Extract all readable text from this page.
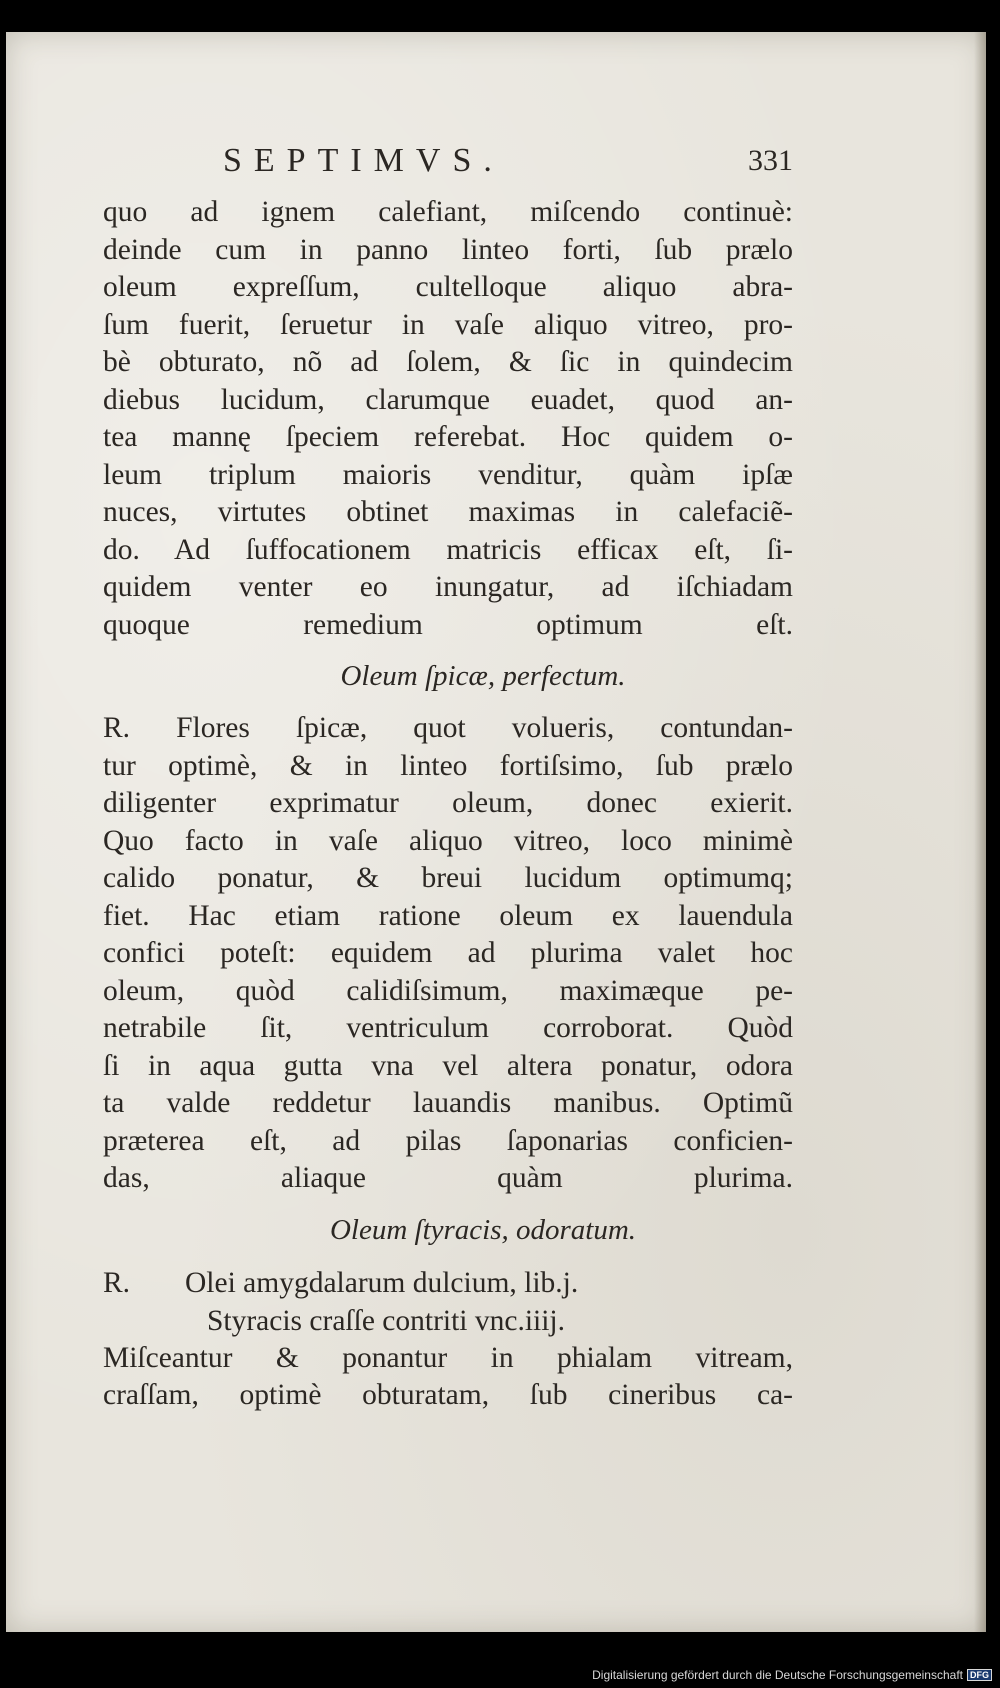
SEPTIMVS.	331
quo ad ignem calefiant, miſcendo continuè:
deinde cum in panno linteo forti, ſub prælo
oleum expreſſum, cultelloque aliquo abra-
ſum fuerit, ſeruetur in vaſe aliquo vitreo, pro-
bè obturato, nõ ad ſolem, & ſic in quindecim
diebus lucidum, clarumque euadet, quod an-
tea mannę ſpeciem referebat. Hoc quidem o-
leum triplum maioris venditur, quàm ipſæ
nuces, virtutes obtinet maximas in calefaciẽ-
do. Ad ſuffocationem matricis efficax eſt, ſi-
quidem venter eo inungatur, ad iſchiadam
quoque remedium optimum eſt.
Oleum ſpicæ, perfectum.
R. Flores ſpicæ, quot volueris, contundan-
tur optimè, & in linteo fortiſsimo, ſub prælo
diligenter exprimatur oleum, donec exierit.
Quo facto in vaſe aliquo vitreo, loco minimè
calido ponatur, & breui lucidum optimumq;
fiet. Hac etiam ratione oleum ex lauendula
confici poteſt: equidem ad plurima valet hoc
oleum, quòd calidiſsimum, maximæque pe-
netrabile ſit, ventriculum corroborat. Quòd
ſi in aqua gutta vna vel altera ponatur, odora
ta valde reddetur lauandis manibus. Optimũ
præterea eſt, ad pilas ſaponarias conficien-
das, aliaque quàm plurima.
Oleum ſtyracis, odoratum.
R. Olei amygdalarum dulcium, lib.j.
Styracis craſſe contriti vnc.iiij.
Miſceantur & ponantur in phialam vitream,
craſſam, optimè obturatam, ſub cineribus ca-
Digitalisierung gefördert durch die Deutsche Forschungsgemeinschaft DFG
